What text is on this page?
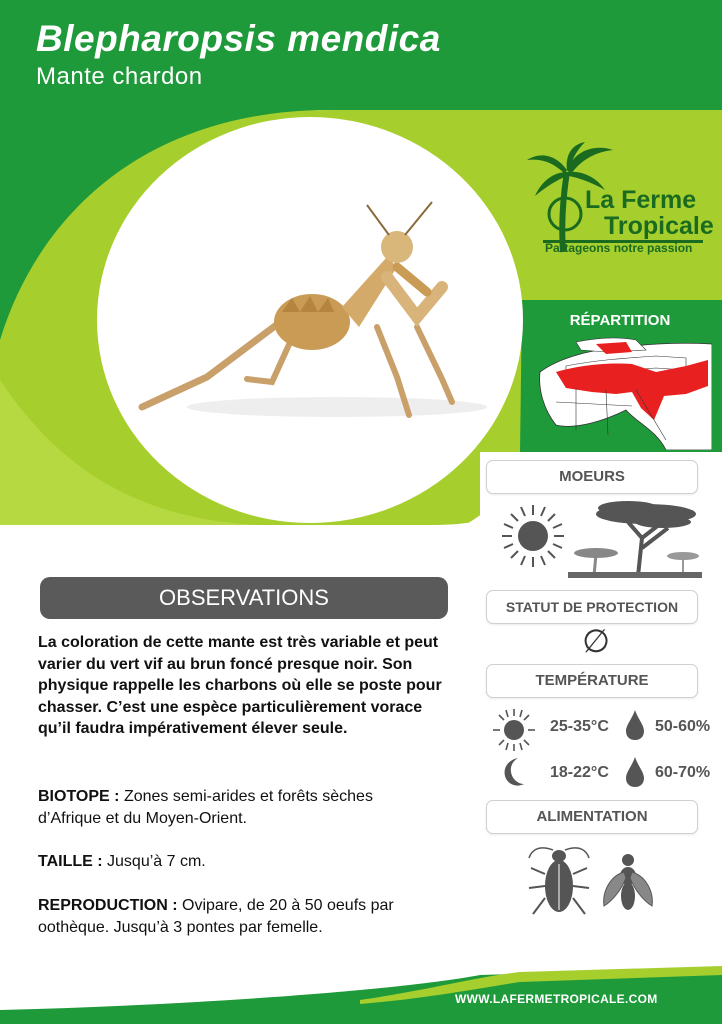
Blepharopsis mendica
Mante chardon
La Ferme
Tropicale
Partageons notre passion
RÉPARTITION
MOEURS
STATUT DE PROTECTION
∅
TEMPÉRATURE
25-35°C	50-60%
18-22°C	60-70%
ALIMENTATION
OBSERVATIONS
La coloration de cette mante est très variable et peut varier du vert vif au brun foncé presque noir. Son physique rappelle les charbons où elle se poste pour chasser. C’est une espèce particulièrement vorace qu’il faudra impérativement élever seule.
BIOTOPE : Zones semi-arides et forêts sèches d’Afrique et du Moyen-Orient.
TAILLE : Jusqu’à 7 cm.
REPRODUCTION : Ovipare, de 20 à 50 oeufs par oothèque. Jusqu’à 3 pontes par femelle.
WWW.LAFERMETROPICALE.COM
